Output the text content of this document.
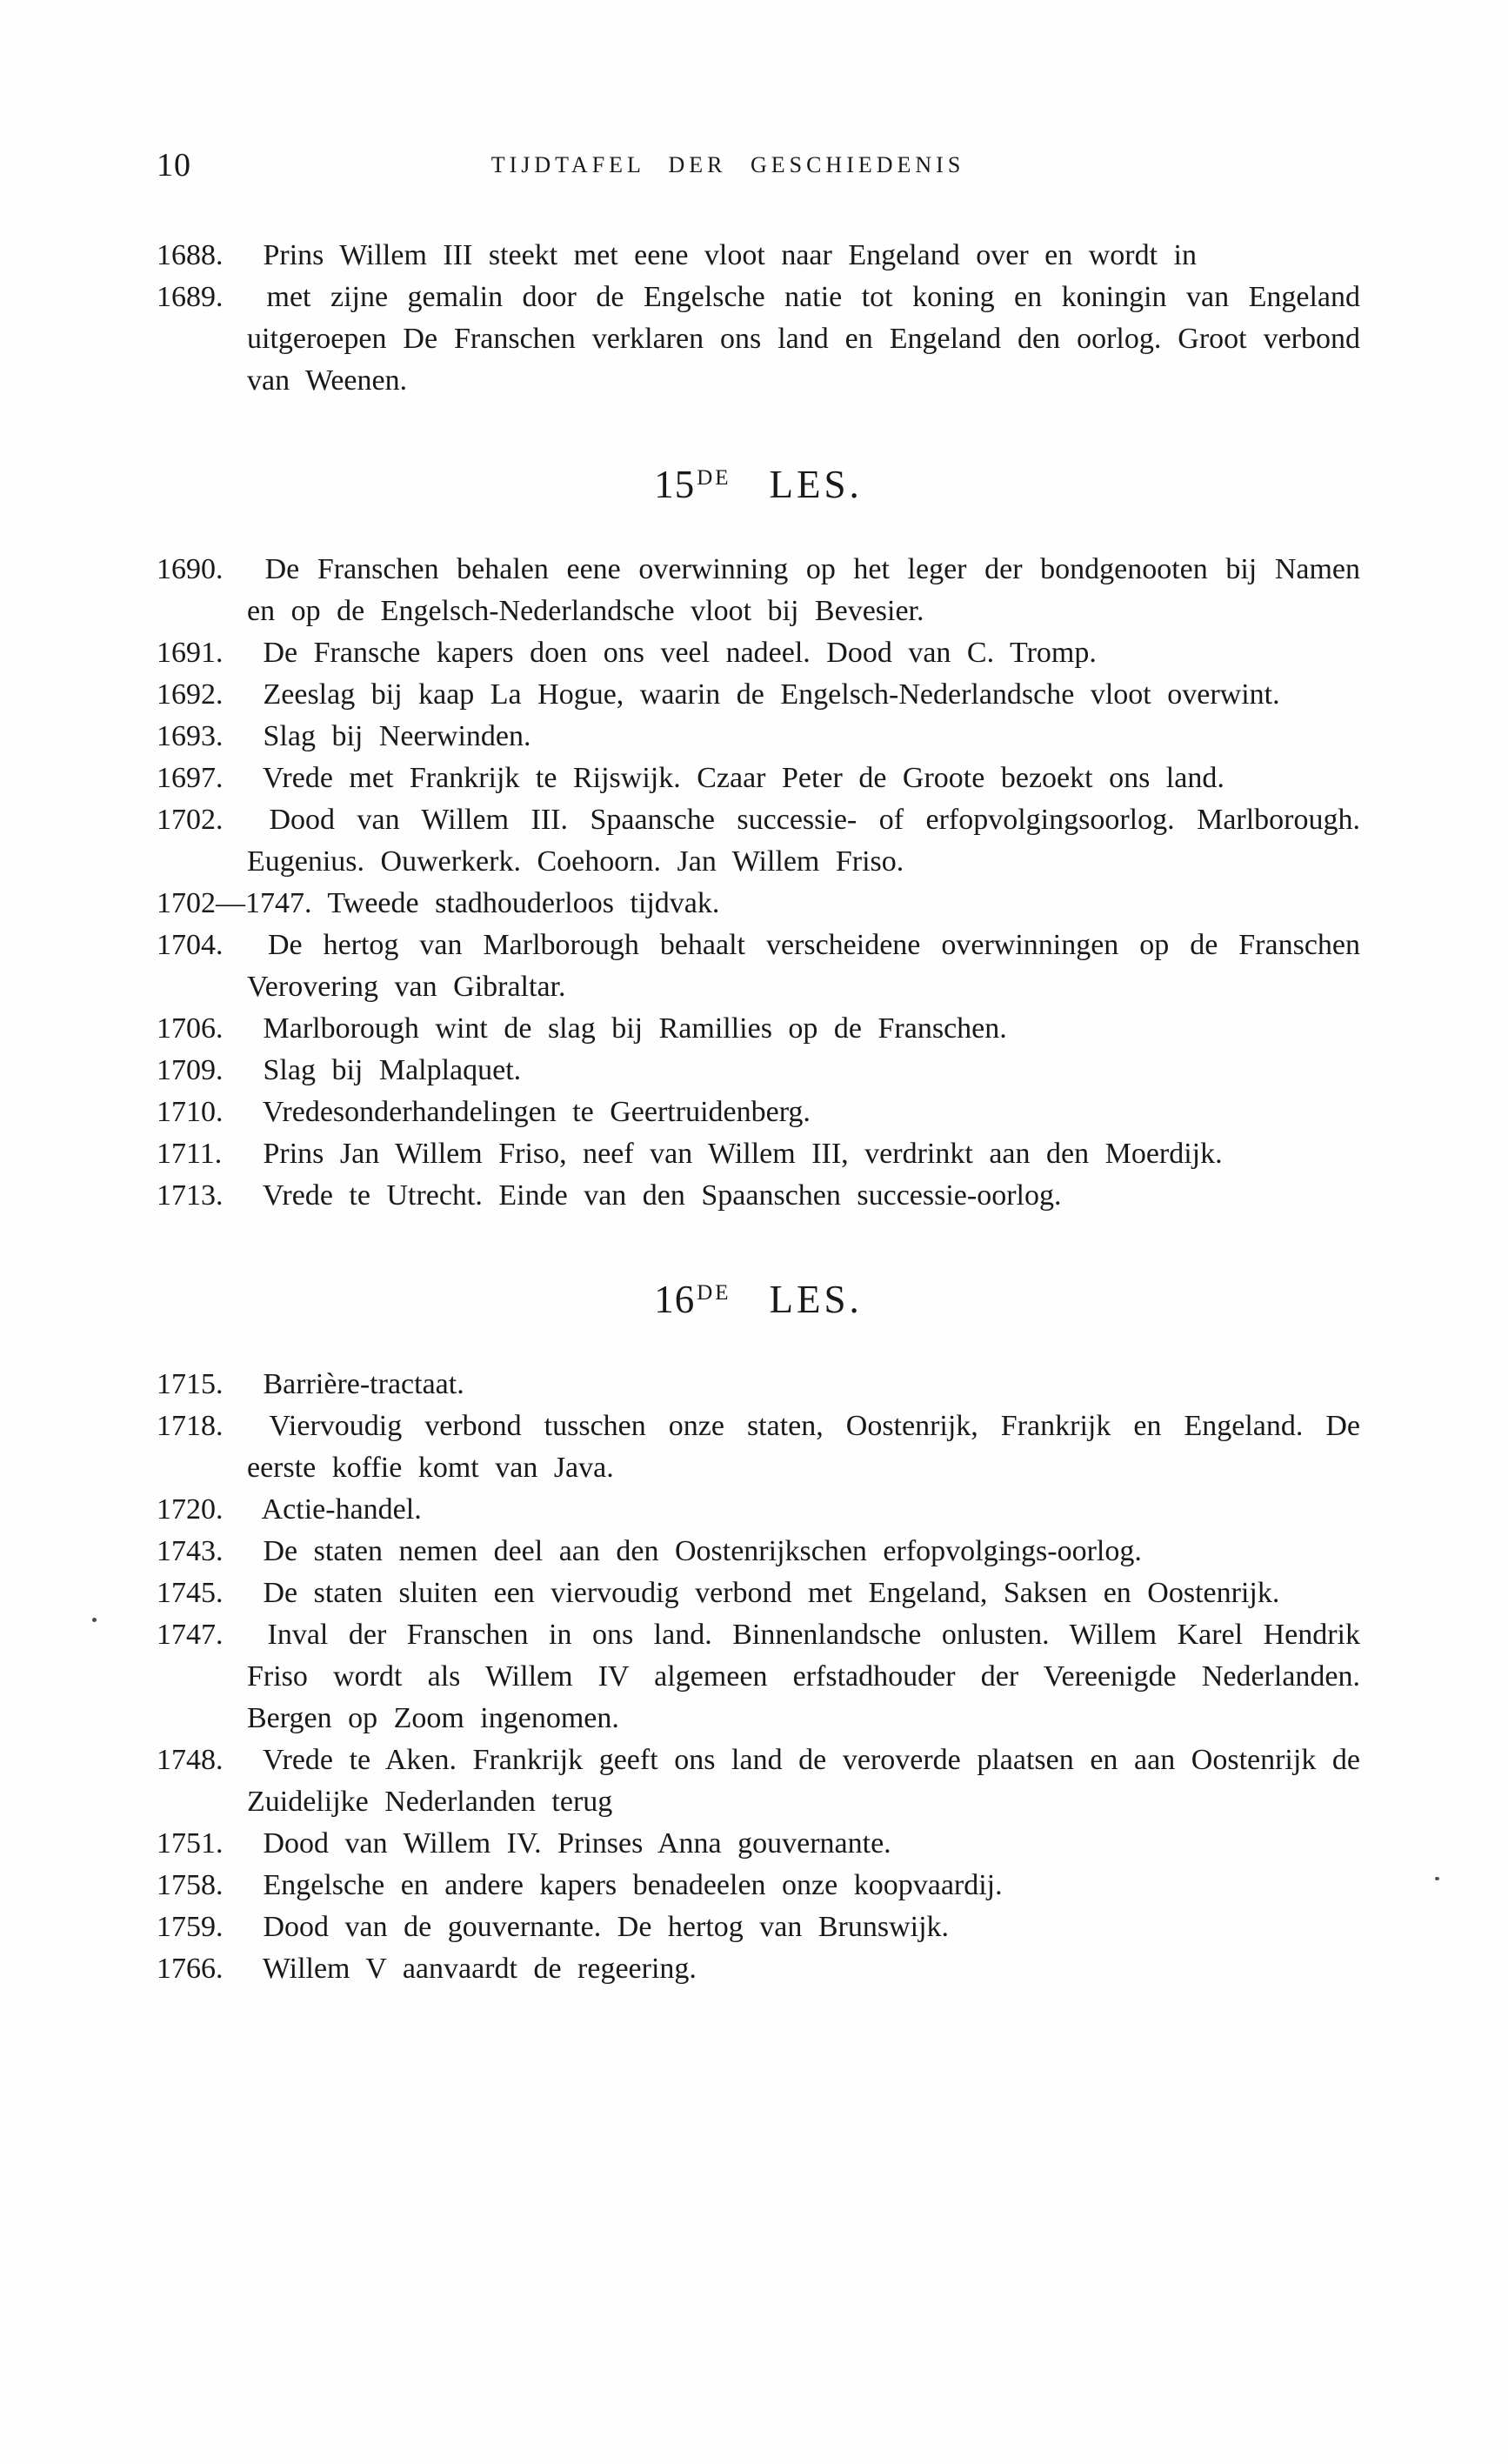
10	TIJDTAFEL DER GESCHIEDENIS
1688. Prins Willem III steekt met eene vloot naar Engeland over en wordt in
1689. met zijne gemalin door de Engelsche natie tot koning en koningin van Engeland uitgeroepen De Franschen verklaren ons land en Engeland den oorlog. Groot verbond van Weenen.
15DE LES.
1690. De Franschen behalen eene overwinning op het leger der bondgenooten bij Namen en op de Engelsch-Nederlandsche vloot bij Bevesier.
1691. De Fransche kapers doen ons veel nadeel. Dood van C. Tromp.
1692. Zeeslag bij kaap La Hogue, waarin de Engelsch-Nederlandsche vloot overwint.
1693. Slag bij Neerwinden.
1697. Vrede met Frankrijk te Rijswijk. Czaar Peter de Groote bezoekt ons land.
1702. Dood van Willem III. Spaansche successie- of erfopvolgingsoorlog. Marlborough. Eugenius. Ouwerkerk. Coehoorn. Jan Willem Friso.
1702—1747. Tweede stadhouderloos tijdvak.
1704. De hertog van Marlborough behaalt verscheidene overwinningen op de Franschen Verovering van Gibraltar.
1706. Marlborough wint de slag bij Ramillies op de Franschen.
1709. Slag bij Malplaquet.
1710. Vredesonderhandelingen te Geertruidenberg.
1711. Prins Jan Willem Friso, neef van Willem III, verdrinkt aan den Moerdijk.
1713. Vrede te Utrecht. Einde van den Spaanschen successie-oorlog.
16DE LES.
1715. Barrière-tractaat.
1718. Viervoudig verbond tusschen onze staten, Oostenrijk, Frankrijk en Engeland. De eerste koffie komt van Java.
1720. Actie-handel.
1743. De staten nemen deel aan den Oostenrijkschen erfopvolgings-oorlog.
1745. De staten sluiten een viervoudig verbond met Engeland, Saksen en Oostenrijk.
1747. Inval der Franschen in ons land. Binnenlandsche onlusten. Willem Karel Hendrik Friso wordt als Willem IV algemeen erfstadhouder der Vereenigde Nederlanden. Bergen op Zoom ingenomen.
1748. Vrede te Aken. Frankrijk geeft ons land de veroverde plaatsen en aan Oostenrijk de Zuidelijke Nederlanden terug
1751. Dood van Willem IV. Prinses Anna gouvernante.
1758. Engelsche en andere kapers benadeelen onze koopvaardij.
1759. Dood van de gouvernante. De hertog van Brunswijk.
1766. Willem V aanvaardt de regeering.
